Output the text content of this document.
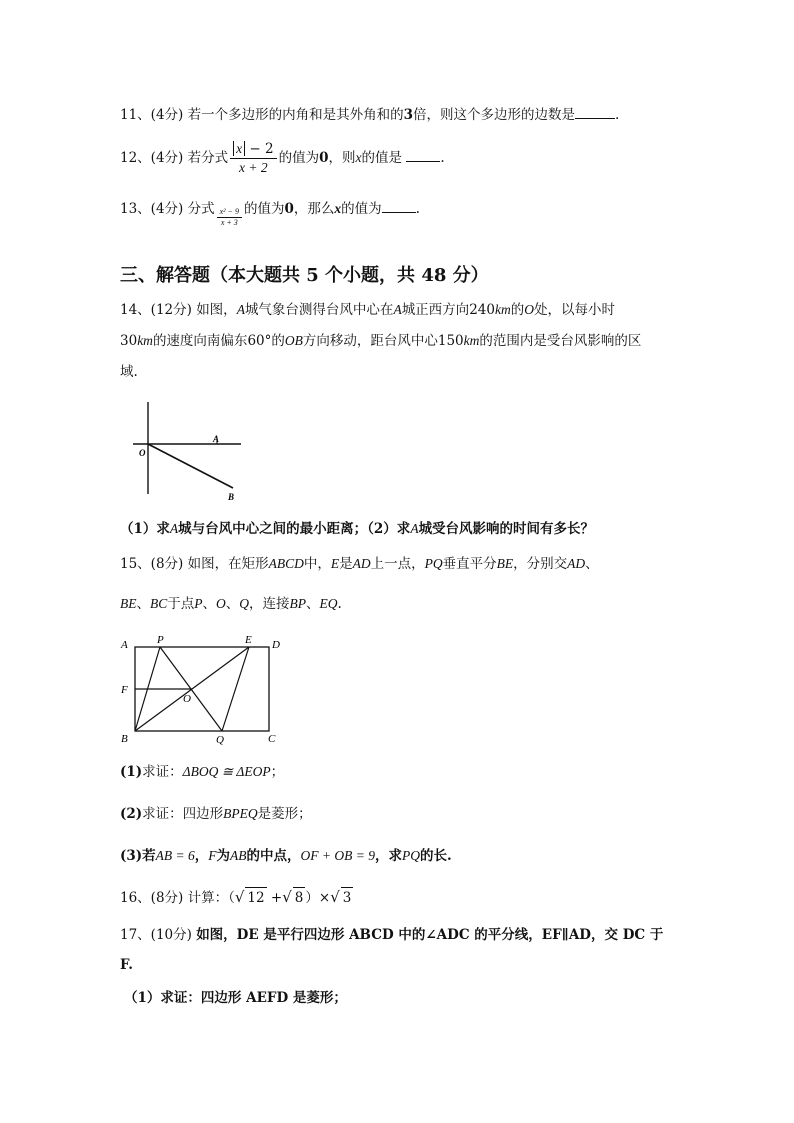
11、(4分) 若一个多边形的内角和是其外角和的3倍，则这个多边形的边数是	.
12、(4分) 若分式 $\frac{x - 2}{x + 2}$ 的值为0，则x的值是	.
13、(4分) 分式 $\frac{\text{x² − 9}}{x + 3}$ 的值为0，那么x的值为	.
三、解答题（本大题共 5 个小题，共 48 分）
14、(12分) 如图，A城气象台测得台风中心在A城正西方向240km的O处，以每小时
30km的速度向南偏东60°的OB方向移动，距台风中心150km的范围内是受台风影响的区
域.
O
A
B
（1）求A城与台风中心之间的最小距离；（2）求A城受台风影响的时间有多长？
15、(8分) 如图，在矩形ABCD中，E是AD上一点，PQ垂直平分BE，分别交AD、
BE、BC于点P、O、Q，连接BP、EQ.
A	P	E D
F
O
B	Q	C
(1)求证：ΔBOQ ≅ ΔEOP；
(2)求证：四边形BPEQ是菱形；
(3)若AB = 6，F为AB的中点，OF + OB = 9，求PQ的长.
16、(8分) 计算：（√ 12 +√ 8 ）×√ 3
17、(10分) 如图，DE 是平行四边形 ABCD 中的∠ADC 的平分线，EF∥AD，交 DC 于
F.
（1）求证：四边形 AEFD 是菱形；
